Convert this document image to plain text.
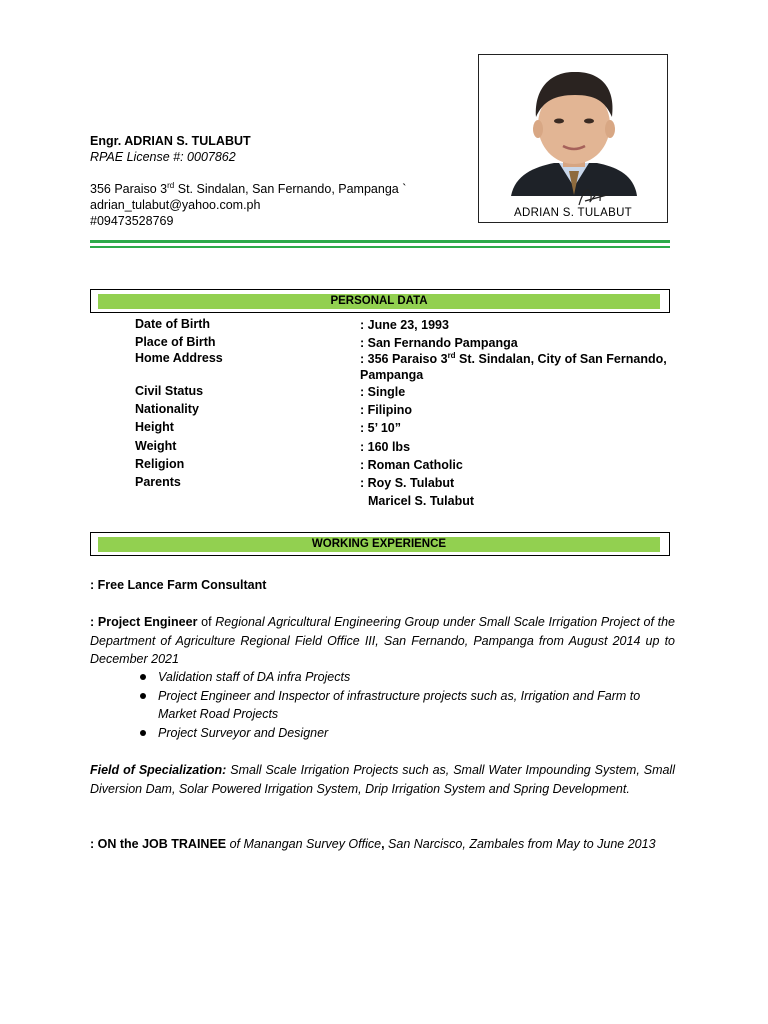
Engr. ADRIAN S. TULABUT
RPAE License #: 0007862
356 Paraiso 3rd St. Sindalan, San Fernando, Pampanga `
adrian_tulabut@yahoo.com.ph
#09473528769
ADRIAN S. TULABUT
PERSONAL DATA
Date of Birth	: June 23, 1993
Place of Birth	: San Fernando Pampanga
Home Address	: 356 Paraiso 3rd St. Sindalan, City of San Fernando, Pampanga
Civil Status	: Single
Nationality	: Filipino
Height	: 5’ 10”
Weight	: 160 lbs
Religion	: Roman Catholic
Parents	: Roy S. Tulabut
Maricel S. Tulabut
WORKING EXPERIENCE
: Free Lance Farm Consultant
: Project Engineer of Regional Agricultural Engineering Group under Small Scale Irrigation Project of the Department of Agriculture Regional Field Office III, San Fernando, Pampanga from August 2014 up to December 2021
Validation staff of DA infra Projects
Project Engineer and Inspector of infrastructure projects such as, Irrigation and Farm to Market Road Projects
Project Surveyor and Designer
Field of Specialization: Small Scale Irrigation Projects such as, Small Water Impounding System, Small Diversion Dam, Solar Powered Irrigation System, Drip Irrigation System and Spring Development.
: ON the JOB TRAINEE of Manangan Survey Office, San Narcisco, Zambales from May to June 2013
